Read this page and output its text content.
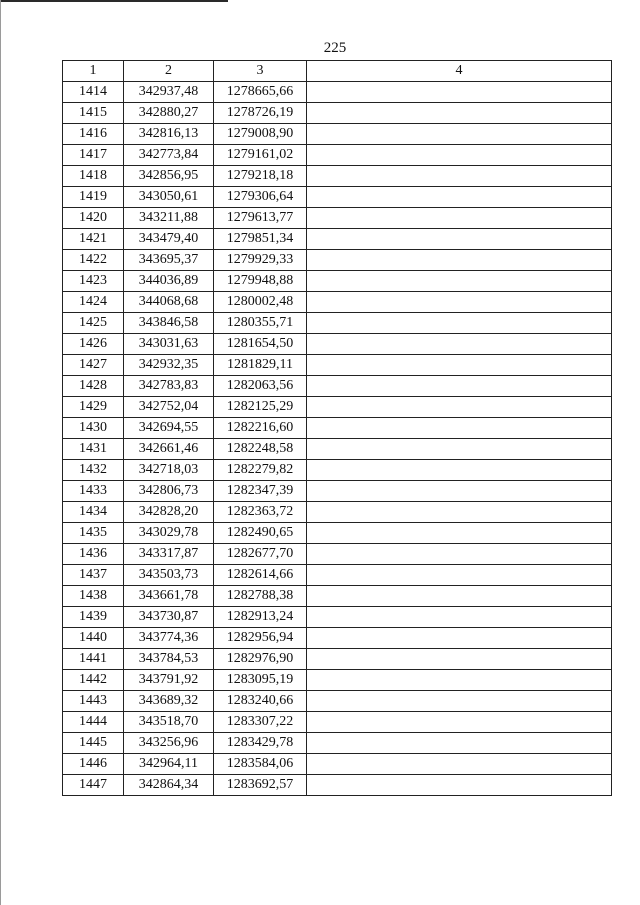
225
1	2	3	4
1414	342937,48	1278665,66	
1415	342880,27	1278726,19	
1416	342816,13	1279008,90	
1417	342773,84	1279161,02	
1418	342856,95	1279218,18	
1419	343050,61	1279306,64	
1420	343211,88	1279613,77	
1421	343479,40	1279851,34	
1422	343695,37	1279929,33	
1423	344036,89	1279948,88	
1424	344068,68	1280002,48	
1425	343846,58	1280355,71	
1426	343031,63	1281654,50	
1427	342932,35	1281829,11	
1428	342783,83	1282063,56	
1429	342752,04	1282125,29	
1430	342694,55	1282216,60	
1431	342661,46	1282248,58	
1432	342718,03	1282279,82	
1433	342806,73	1282347,39	
1434	342828,20	1282363,72	
1435	343029,78	1282490,65	
1436	343317,87	1282677,70	
1437	343503,73	1282614,66	
1438	343661,78	1282788,38	
1439	343730,87	1282913,24	
1440	343774,36	1282956,94	
1441	343784,53	1282976,90	
1442	343791,92	1283095,19	
1443	343689,32	1283240,66	
1444	343518,70	1283307,22	
1445	343256,96	1283429,78	
1446	342964,11	1283584,06	
1447	342864,34	1283692,57	
